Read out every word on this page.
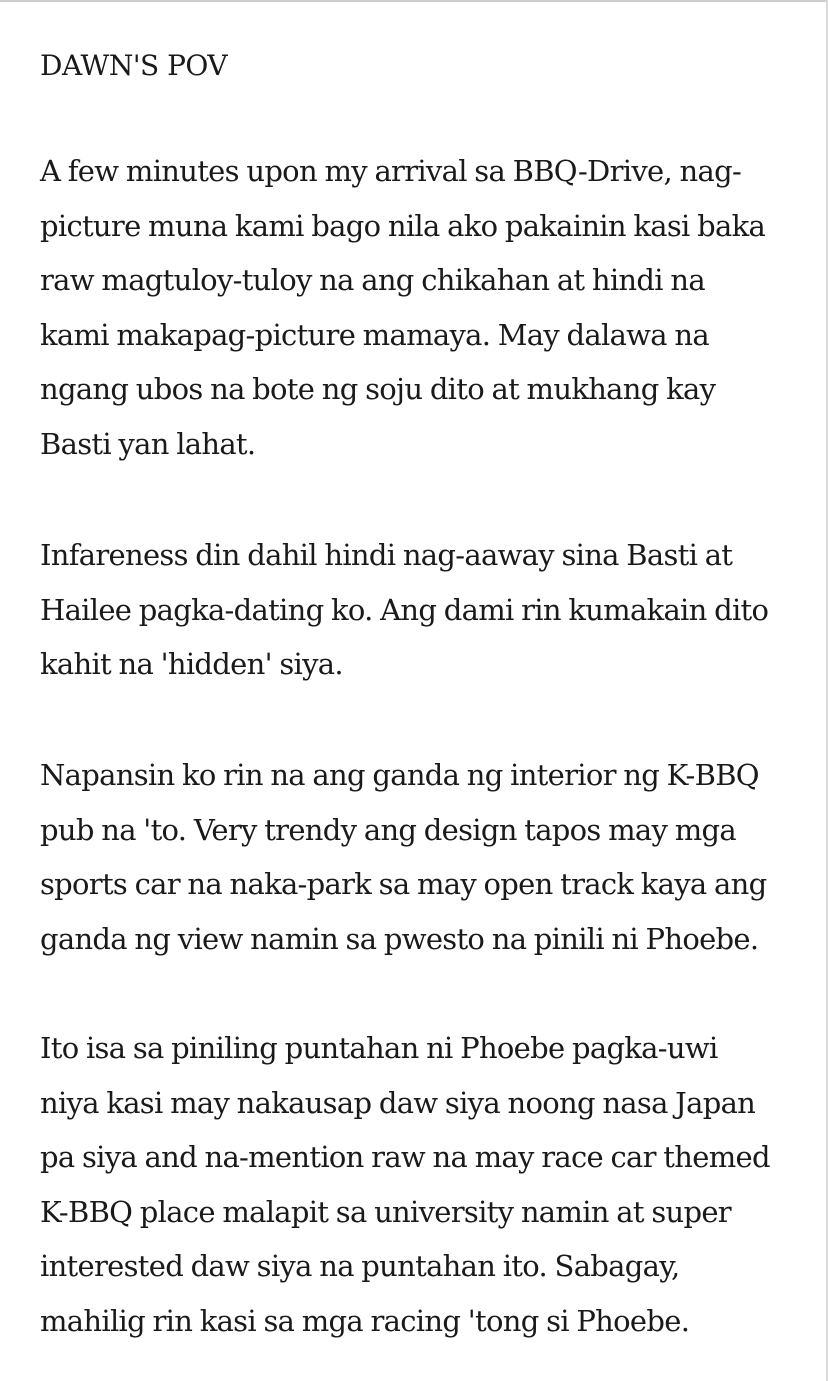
DAWN'S POV

A few minutes upon my arrival sa BBQ-Drive, nag-
picture muna kami bago nila ako pakainin kasi baka
raw magtuloy-tuloy na ang chikahan at hindi na
kami makapag-picture mamaya. May dalawa na
ngang ubos na bote ng soju dito at mukhang kay
Basti yan lahat.

Infareness din dahil hindi nag-aaway sina Basti at
Hailee pagka-dating ko. Ang dami rin kumakain dito
kahit na 'hidden' siya.

Napansin ko rin na ang ganda ng interior ng K-BBQ
pub na 'to. Very trendy ang design tapos may mga
sports car na naka-park sa may open track kaya ang
ganda ng view namin sa pwesto na pinili ni Phoebe.

Ito isa sa piniling puntahan ni Phoebe pagka-uwi
niya kasi may nakausap daw siya noong nasa Japan
pa siya and na-mention raw na may race car themed
K-BBQ place malapit sa university namin at super
interested daw siya na puntahan ito. Sabagay,
mahilig rin kasi sa mga racing 'tong si Phoebe.
